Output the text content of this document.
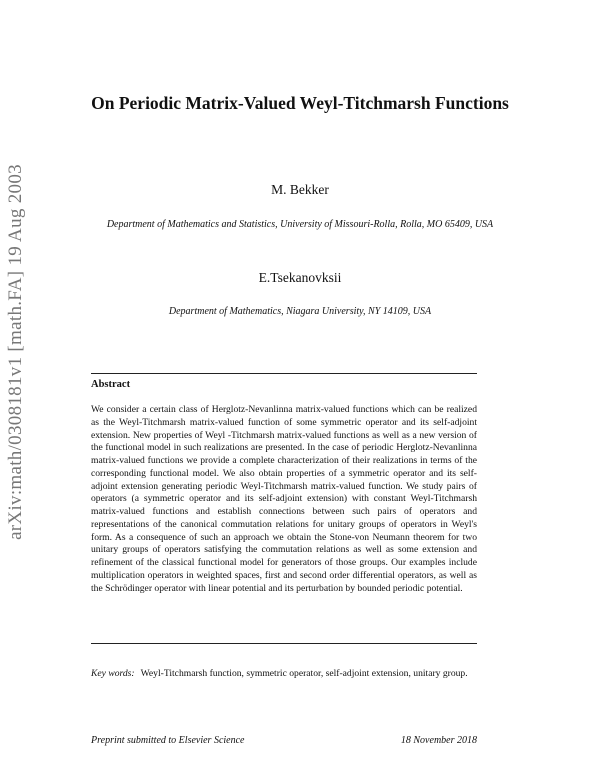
arXiv:math/0308181v1 [math.FA] 19 Aug 2003
On Periodic Matrix-Valued Weyl-Titchmarsh Functions
M. Bekker
Department of Mathematics and Statistics, University of Missouri-Rolla, Rolla, MO 65409, USA
E.Tsekanovksii
Department of Mathematics, Niagara University, NY 14109, USA
Abstract
We consider a certain class of Herglotz-Nevanlinna matrix-valued functions which can be realized as the Weyl-Titchmarsh matrix-valued function of some symmetric operator and its self-adjoint extension. New properties of Weyl -Titchmarsh matrix-valued functions as well as a new version of the functional model in such realizations are presented. In the case of periodic Herglotz-Nevanlinna matrix-valued functions we provide a complete characterization of their realizations in terms of the corresponding functional model. We also obtain properties of a symmetric operator and its self-adjoint extension generating periodic Weyl-Titchmarsh matrix-valued function. We study pairs of operators (a symmetric operator and its self-adjoint extension) with constant Weyl-Titchmarsh matrix-valued functions and establish connections between such pairs of operators and representations of the canonical commutation relations for unitary groups of operators in Weyl's form. As a consequence of such an approach we obtain the Stone-von Neumann theorem for two unitary groups of operators satisfying the commutation relations as well as some extension and refinement of the classical functional model for generators of those groups. Our examples include multiplication operators in weighted spaces, first and second order differential operators, as well as the Schrödinger operator with linear potential and its perturbation by bounded periodic potential.
Key words: Weyl-Titchmarsh function, symmetric operator, self-adjoint extension, unitary group.
Preprint submitted to Elsevier Science	18 November 2018
